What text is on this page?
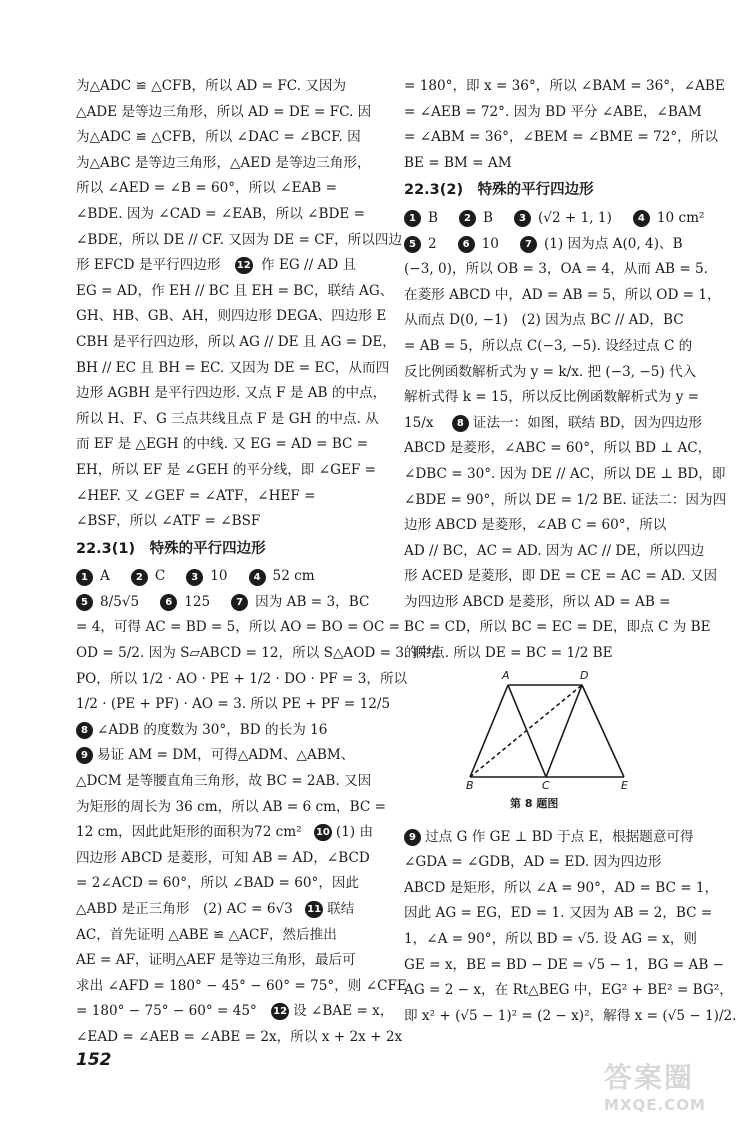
为△ADC ≌ △CFB，所以 AD = FC. 又因为
△ADE 是等边三角形，所以 AD = DE = FC. 因
为△ADC ≌ △CFB，所以 ∠DAC = ∠BCF. 因
为△ABC 是等边三角形，△AED 是等边三角形，
所以 ∠AED = ∠B = 60°，所以 ∠EAB =
∠BDE. 因为 ∠CAD = ∠EAB，所以 ∠BDE =
∠BDE，所以 DE // CF. 又因为 DE = CF，所以四边
形 EFCD 是平行四边形 12 作 EG // AD 且
EG = AD，作 EH // BC 且 EH = BC，联结 AG、
GH、HB、GB、AH，则四边形 DEGA、四边形 E
CBH 是平行四边形，所以 AG // DE 且 AG = DE，
BH // EC 且 BH = EC. 又因为 DE = EC，从而四
边形 AGBH 是平行四边形. 又点 F 是 AB 的中点，
所以 H、F、G 三点共线且点 F 是 GH 的中点. 从
而 EF 是 △EGH 的中线. 又 EG = AD = BC =
EH，所以 EF 是 ∠GEH 的平分线，即 ∠GEF =
∠HEF. 又 ∠GEF = ∠ATF，∠HEF =
∠BSF，所以 ∠ATF = ∠BSF
22.3(1)　特殊的平行四边形
1 A	2 C	3 10	4 52 cm
5 8/5√5	6 125	7 因为 AB = 3，BC
= 4，可得 AC = BD = 5，所以 AO = BO = OC =
OD = 5/2. 因为 S▱ABCD = 12，所以 S△AOD = 3. 联结
PO，所以 1/2 · AO · PE + 1/2 · DO · PF = 3，所以
1/2 · (PE + PF) · AO = 3. 所以 PE + PF = 12/5
8 ∠ADB 的度数为 30°，BD 的长为 16
9 易证 AM = DM，可得△ADM、△ABM、
△DCM 是等腰直角三角形，故 BC = 2AB. 又因
为矩形的周长为 36 cm，所以 AB = 6 cm，BC =
12 cm，因此此矩形的面积为72 cm² 10 (1) 由
四边形 ABCD 是菱形，可知 AB = AD，∠BCD
= 2∠ACD = 60°，所以 ∠BAD = 60°，因此
△ABD 是正三角形　(2) AC = 6√3 11 联结
AC，首先证明 △ABE ≌ △ACF，然后推出
AE = AF，证明△AEF 是等边三角形，最后可
求出 ∠AFD = 180° − 45° − 60° = 75°，则 ∠CFE
= 180° − 75° − 60° = 45° 12 设 ∠BAE = x，
∠EAD = ∠AEB = ∠ABE = 2x，所以 x + 2x + 2x
= 180°，即 x = 36°，所以 ∠BAM = 36°，∠ABE
= ∠AEB = 72°. 因为 BD 平分 ∠ABE，∠BAM
= ∠ABM = 36°，∠BEM = ∠BME = 72°，所以
BE = BM = AM
22.3(2)　特殊的平行四边形
1 B	2 B	3 (√2 + 1, 1)	4 10 cm²
5 2	6 10	7 (1) 因为点 A(0, 4)、B
(−3, 0)，所以 OB = 3，OA = 4，从而 AB = 5.
在菱形 ABCD 中，AD = AB = 5，所以 OD = 1，
从而点 D(0, −1)　(2) 因为点 BC // AD，BC
= AB = 5，所以点 C(−3, −5). 设经过点 C 的
反比例函数解析式为 y = k/x. 把 (−3, −5) 代入
解析式得 k = 15，所以反比例函数解析式为 y =
15/x 8 证法一：如图，联结 BD，因为四边形
ABCD 是菱形，∠ABC = 60°，所以 BD ⊥ AC，
∠DBC = 30°. 因为 DE // AC，所以 DE ⊥ BD，即
∠BDE = 90°，所以 DE = 1/2 BE. 证法二：因为四
边形 ABCD 是菱形，∠AB C = 60°，所以
AD // BC，AC = AD. 因为 AC // DE，所以四边
形 ACED 是菱形，即 DE = CE = AC = AD. 又因
为四边形 ABCD 是菱形，所以 AD = AB =
BC = CD，所以 BC = EC = DE，即点 C 为 BE
的中点. 所以 DE = BC = 1/2 BE
A	D
B	C	E
第 8 题图
9 过点 G 作 GE ⊥ BD 于点 E，根据题意可得
∠GDA = ∠GDB，AD = ED. 因为四边形
ABCD 是矩形，所以 ∠A = 90°，AD = BC = 1，
因此 AG = EG，ED = 1. 又因为 AB = 2，BC =
1，∠A = 90°，所以 BD = √5. 设 AG = x，则
GE = x，BE = BD − DE = √5 − 1，BG = AB −
AG = 2 − x，在 Rt△BEG 中，EG² + BE² = BG²，
即 x² + (√5 − 1)² = (2 − x)²，解得 x = (√5 − 1)/2.
152
答案圈
MXQE.COM
